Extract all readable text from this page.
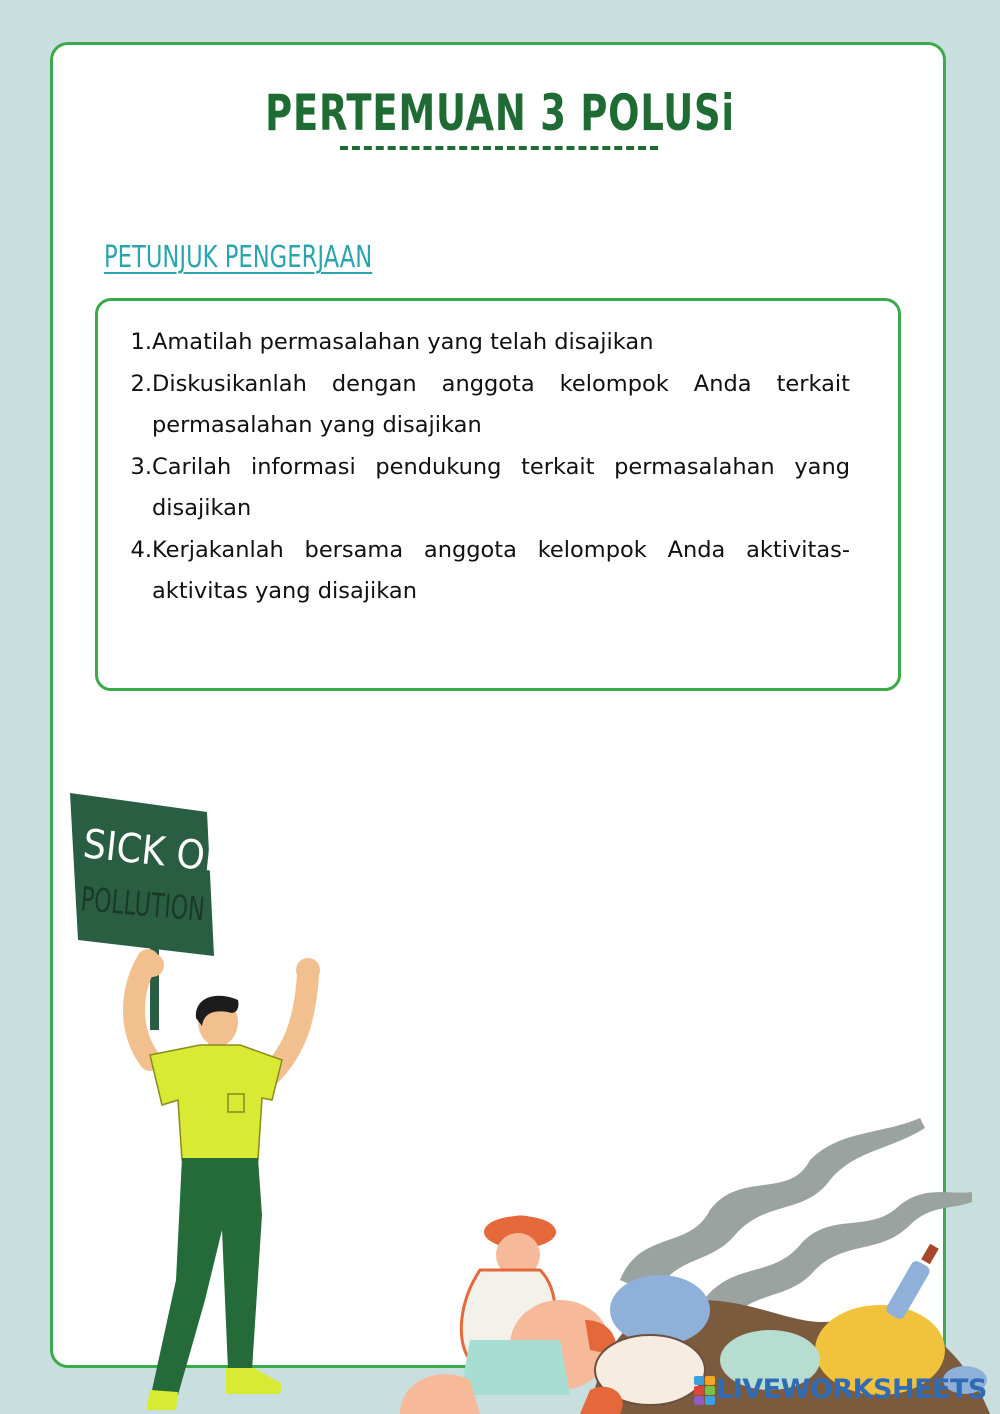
PERTEMUAN 3 POLUSi
PETUNJUK PENGERJAAN
1. Amatilah permasalahan yang telah disajikan
2. Diskusikanlah dengan anggota kelompok Anda terkait permasalahan yang disajikan
3. Carilah informasi pendukung terkait permasalahan yang disajikan
4. Kerjakanlah bersama anggota kelompok Anda aktivitas-aktivitas yang disajikan
SICK OF
POLLUTION
LIVEWORKSHEETS
